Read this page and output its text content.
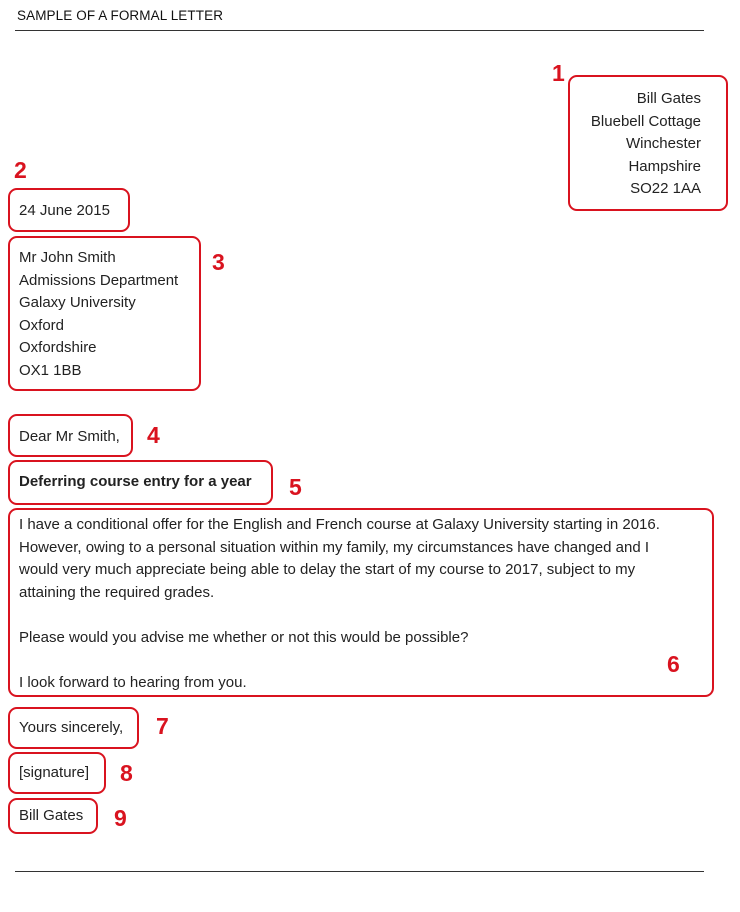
SAMPLE OF A FORMAL LETTER
1
Bill Gates
Bluebell Cottage
Winchester
Hampshire
SO22 1AA
2
24 June 2015
3
Mr John Smith
Admissions Department
Galaxy University
Oxford
Oxfordshire
OX1 1BB
4
Dear Mr Smith,
5
Deferring course entry for a year
6
I have a conditional offer for the English and French course at Galaxy University starting in 2016.
However, owing to a personal situation within my family, my circumstances have changed and I
would very much appreciate being able to delay the start of my course to 2017, subject to my
attaining the required grades.
Please would you advise me whether or not this would be possible?
I look forward to hearing from you.
7
Yours sincerely,
8
[signature]
9
Bill Gates
